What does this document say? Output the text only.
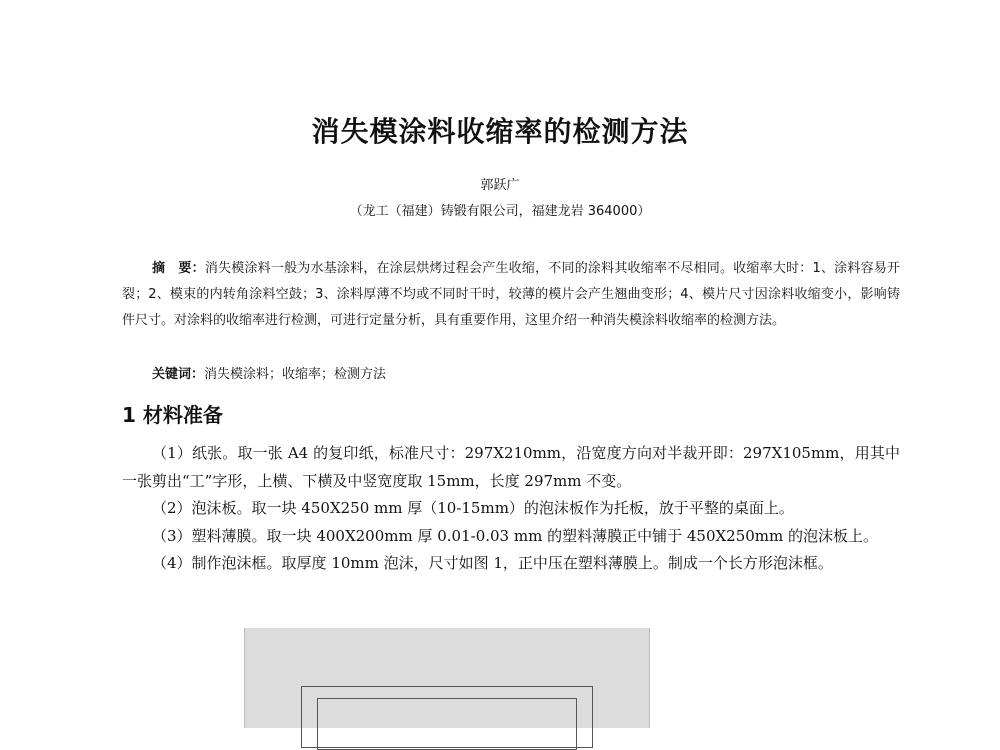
消失模涂料收缩率的检测方法
郭跃广
（龙工（福建）铸锻有限公司，福建龙岩 364000）
摘　要：消失模涂料一般为水基涂料，在涂层烘烤过程会产生收缩，不同的涂料其收缩率不尽相同。收缩率大时：1、涂料容易开裂；2、模束的内转角涂料空鼓；3、涂料厚薄不均或不同时干时，较薄的模片会产生翘曲变形；4、模片尺寸因涂料收缩变小，影响铸件尺寸。对涂料的收缩率进行检测，可进行定量分析，具有重要作用，这里介绍一种消失模涂料收缩率的检测方法。
关键词：消失模涂料；收缩率；检测方法
1 材料准备

（1）纸张。取一张 A4 的复印纸，标准尺寸：297X210mm，沿宽度方向对半裁开即：297X105mm，用其中一张剪出“工”字形，上横、下横及中竖宽度取 15mm，长度 297mm 不变。

（2）泡沫板。取一块 450X250 mm 厚（10-15mm）的泡沫板作为托板，放于平整的桌面上。

（3）塑料薄膜。取一块 400X200mm 厚 0.01-0.03 mm 的塑料薄膜正中铺于 450X250mm 的泡沫板上。

（4）制作泡沫框。取厚度 10mm 泡沫，尺寸如图 1，正中压在塑料薄膜上。制成一个长方形泡沫框。
